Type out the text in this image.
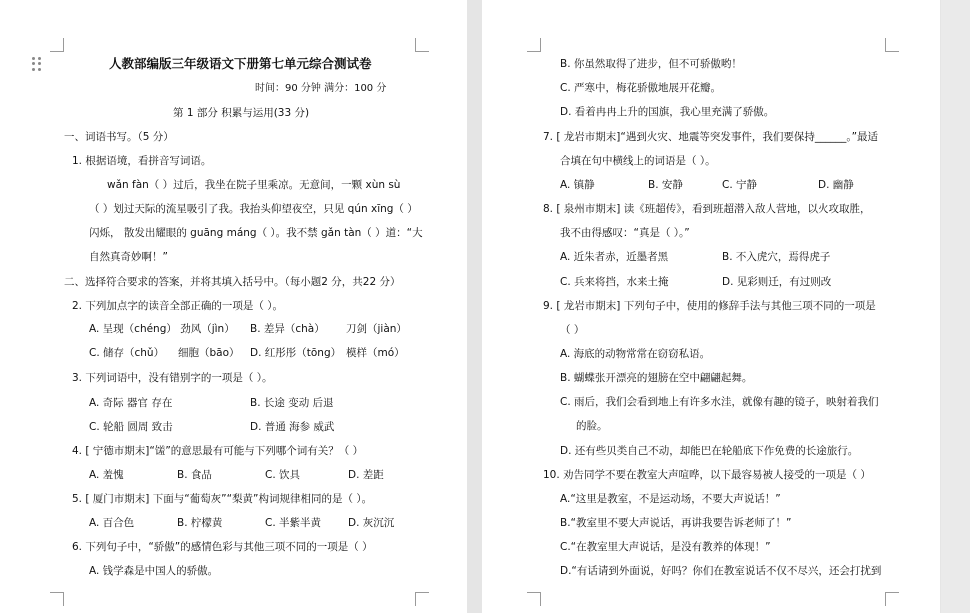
人教部编版三年级语文下册第七单元综合测试卷
时间：90 分钟 满分：100 分
第 1 部分 积累与运用(33 分)
一、词语书写。（5 分）
1. 根据语境，看拼音写词语。
wǎn fàn（ ）过后，我坐在院子里乘凉。无意间，一颗 xùn sù
（ ）划过天际的流星吸引了我。我抬头仰望夜空，只见 qún xīng（ ）
闪烁， 散发出耀眼的 guāng máng（ ）。我不禁 gǎn tàn（ ）道：“大
自然真奇妙啊！”
二、选择符合要求的答案，并将其填入括号中。（每小题2 分，共22 分）
2. 下列加点字的读音全部正确的一项是（ ）。
A. 呈现（chéng） 劲风（jìn） B. 差异（chà） 刀剑（jiàn）
C. 储存（chǔ） 细胞（bāo） D. 红彤彤（tōng） 模样（mó）
3. 下列词语中，没有错别字的一项是（ ）。
A. 奇际 器官 存在	B. 长途 变动 后退
C. 轮船 圆周 致击	D. 普通 海参 威武
4. [ 宁德市期末]“馐”的意思最有可能与下列哪个词有关？（ ）
A. 羞愧	B. 食品	C. 饮具	D. 差距
5. [ 厦门市期末] 下面与“葡萄灰”“梨黄”构词规律相同的是（ ）。
A. 百合色	B. 柠檬黄	C. 半紫半黄	D. 灰沉沉
6. 下列句子中，“骄傲”的感情色彩与其他三项不同的一项是（ ）
A. 钱学森是中国人的骄傲。
B. 你虽然取得了进步，但不可骄傲哟！
C. 严寒中，梅花骄傲地展开花瓣。
D. 看着冉冉上升的国旗，我心里充满了骄傲。
7. [ 龙岩市期末]“遇到火灾、地震等突发事件，我们要保持______。”最适
合填在句中横线上的词语是（ ）。
A. 镇静	B. 安静	C. 宁静	D. 幽静
8. [ 泉州市期末] 读《班超传》，看到班超潜入敌人营地，以火攻取胜，
我不由得感叹：“真是（ ）。”
A. 近朱者赤，近墨者黑	B. 不入虎穴，焉得虎子
C. 兵来将挡，水来土掩	D. 见彩则迁，有过则改
9. [ 龙岩市期末] 下列句子中，使用的修辞手法与其他三项不同的一项是
（ ）
A. 海底的动物常常在窃窃私语。
B. 蝴蝶张开漂亮的翅膀在空中翩翩起舞。
C. 雨后，我们会看到地上有许多水洼，就像有趣的镜子，映射着我们
的脸。
D. 还有些贝类自己不动，却能巴在轮船底下作免费的长途旅行。
10. 劝告同学不要在教室大声喧哗，以下最容易被人接受的一项是（ ）
A.“这里是教室，不是运动场，不要大声说话！”
B.“教室里不要大声说话，再讲我要告诉老师了！”
C.“在教室里大声说话，是没有教养的体现！”
D.“有话请到外面说，好吗？你们在教室说话不仅不尽兴，还会打扰到
